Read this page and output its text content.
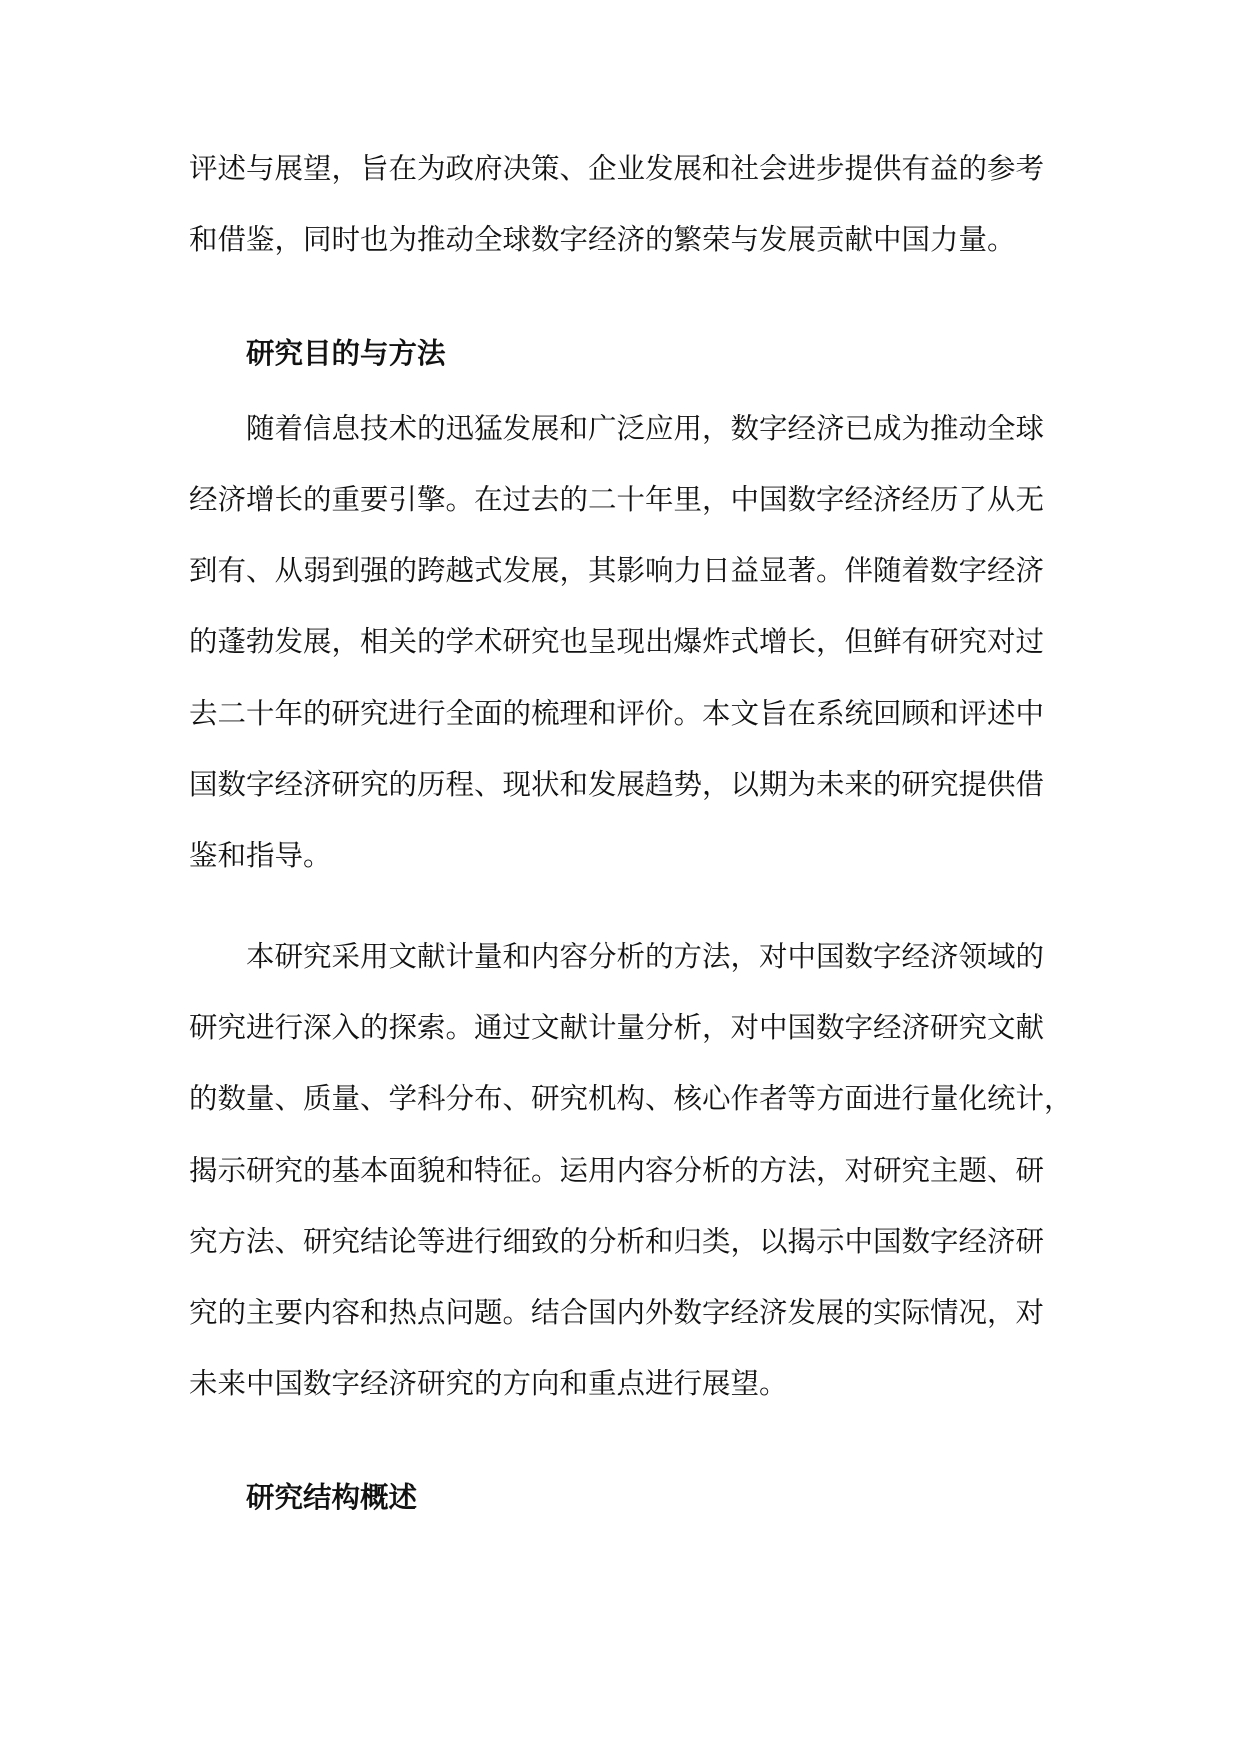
评述与展望，旨在为政府决策、企业发展和社会进步提供有益的参考
和借鉴，同时也为推动全球数字经济的繁荣与发展贡献中国力量。
研究目的与方法
随着信息技术的迅猛发展和广泛应用，数字经济已成为推动全球
经济增长的重要引擎。在过去的二十年里，中国数字经济经历了从无
到有、从弱到强的跨越式发展，其影响力日益显著。伴随着数字经济
的蓬勃发展，相关的学术研究也呈现出爆炸式增长，但鲜有研究对过
去二十年的研究进行全面的梳理和评价。本文旨在系统回顾和评述中
国数字经济研究的历程、现状和发展趋势，以期为未来的研究提供借
鉴和指导。
本研究采用文献计量和内容分析的方法，对中国数字经济领域的
研究进行深入的探索。通过文献计量分析，对中国数字经济研究文献
的数量、质量、学科分布、研究机构、核心作者等方面进行量化统计，
揭示研究的基本面貌和特征。运用内容分析的方法，对研究主题、研
究方法、研究结论等进行细致的分析和归类，以揭示中国数字经济研
究的主要内容和热点问题。结合国内外数字经济发展的实际情况，对
未来中国数字经济研究的方向和重点进行展望。
研究结构概述
